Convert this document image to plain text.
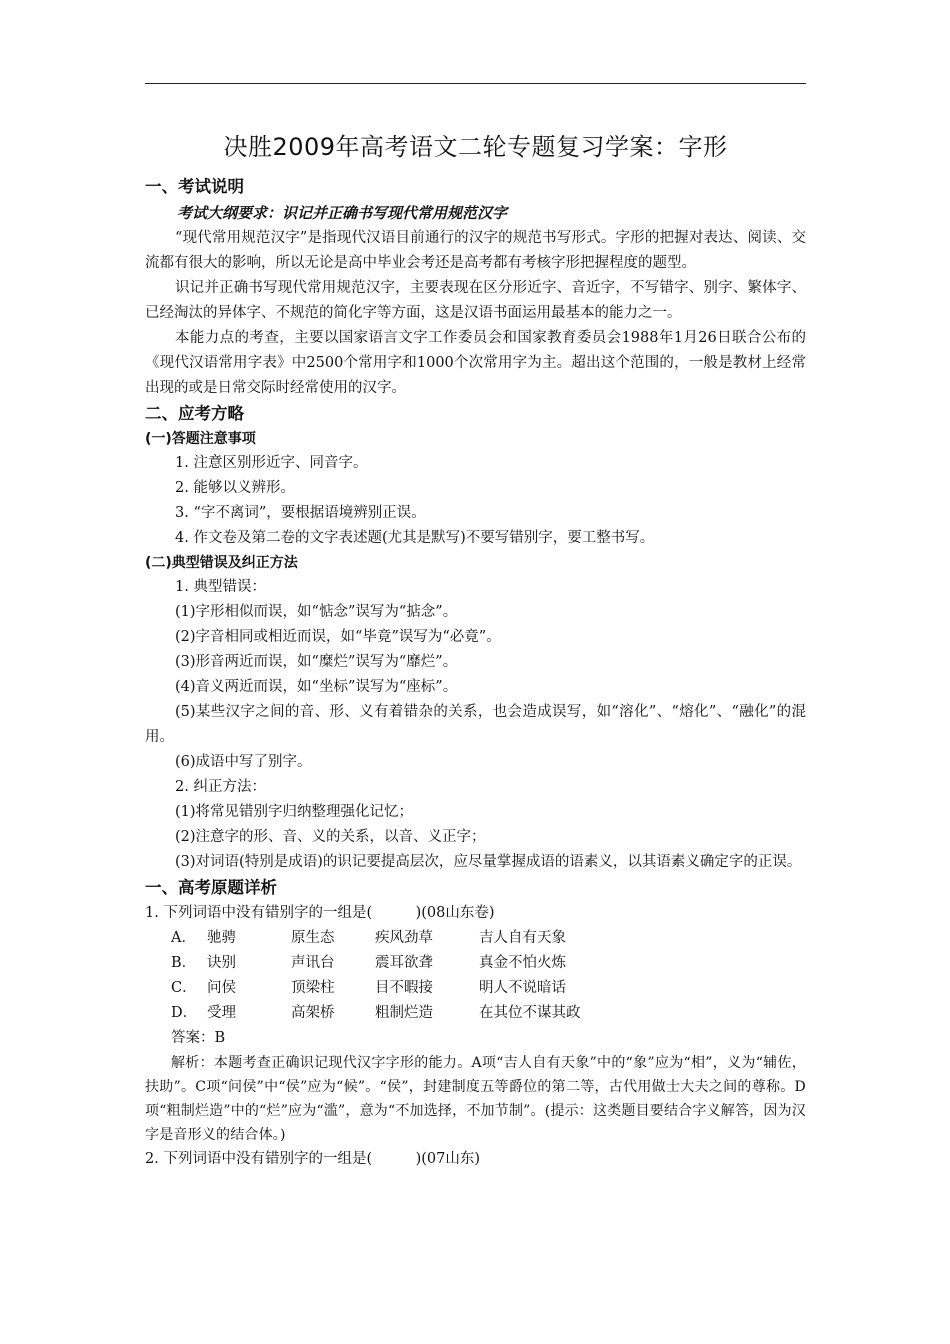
决胜2009年高考语文二轮专题复习学案：字形
一、考试说明
考试大纲要求：识记并正确书写现代常用规范汉字

“现代常用规范汉字”是指现代汉语目前通行的汉字的规范书写形式。字形的把握对表达、阅读、交流都有很大的影响，所以无论是高中毕业会考还是高考都有考核字形把握程度的题型。

识记并正确书写现代常用规范汉字，主要表现在区分形近字、音近字，不写错字、别字、繁体字、已经淘汰的异体字、不规范的简化字等方面，这是汉语书面运用最基本的能力之一。

本能力点的考查，主要以国家语言文字工作委员会和国家教育委员会1988年1月26日联合公布的《现代汉语常用字表》中2500个常用字和1000个次常用字为主。超出这个范围的，一般是教材上经常出现的或是日常交际时经常使用的汉字。

二、应考方略
(一)答题注意事项

1. 注意区别形近字、同音字。

2. 能够以义辨形。

3. “字不离词”，要根据语境辨别正误。

4. 作文卷及第二卷的文字表述题(尤其是默写)不要写错别字，要工整书写。

(二)典型错误及纠正方法

1. 典型错误：

(1)字形相似而误，如“惦念”误写为“掂念”。

(2)字音相同或相近而误，如“毕竟”误写为“必竟”。

(3)形音两近而误，如“糜烂”误写为“靡烂”。

(4)音义两近而误，如“坐标”误写为“座标”。

(5)某些汉字之间的音、形、义有着错杂的关系，也会造成误写，如“溶化”、“熔化”、“融化”的混用。

(6)成语中写了别字。

2. 纠正方法：

(1)将常见错别字归纳整理强化记忆；

(2)注意字的形、音、义的关系，以音、义正字；

(3)对词语(特别是成语)的识记要提高层次，应尽量掌握成语的语素义，以其语素义确定字的正误。

一、高考原题详析

1. 下列词语中没有错别字的一组是(　　　)(08山东卷)

A． 驰骋	原生态	疾风劲草	吉人自有天象
B． 诀别	声讯台	震耳欲聋	真金不怕火炼
C． 问侯	顶梁柱	目不暇接	明人不说暗话
D． 受理	高架桥	粗制烂造	在其位不谋其政

答案：B

解析：本题考查正确识记现代汉字字形的能力。A项“吉人自有天象”中的“象”应为“相”，义为“辅佐，扶助”。C项“问侯”中“侯”应为“候”。“侯”，封建制度五等爵位的第二等，古代用做士大夫之间的尊称。D项“粗制烂造”中的“烂”应为“滥”，意为“不加选择，不加节制”。(提示：这类题目要结合字义解答，因为汉字是音形义的结合体。)

2. 下列词语中没有错别字的一组是(　　　)(07山东)
